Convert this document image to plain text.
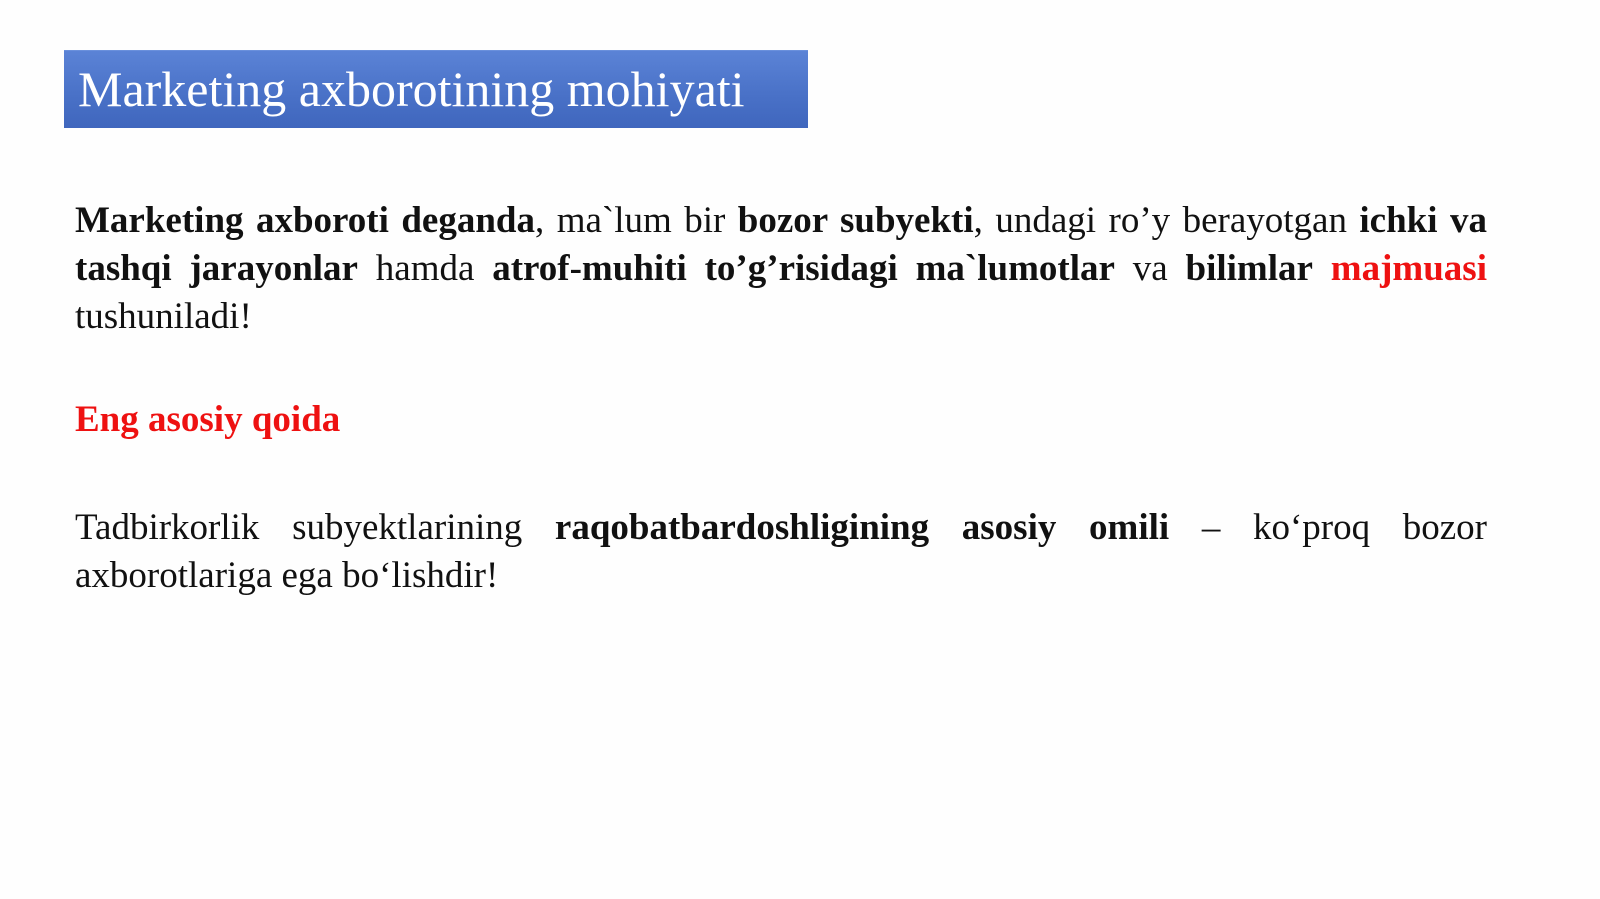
Marketing axborotining mohiyati

Marketing axboroti deganda, ma`lum bir bozor subyekti, undagi ro’y berayotgan ichki va tashqi jarayonlar hamda atrof-muhiti to’g’risidagi ma`lumotlar va bilimlar majmuasi tushuniladi!

Eng asosiy qoida

Tadbirkorlik subyektlarining raqobatbardoshligining asosiy omili – ko‘proq bozor axborotlariga ega bo‘lishdir!
